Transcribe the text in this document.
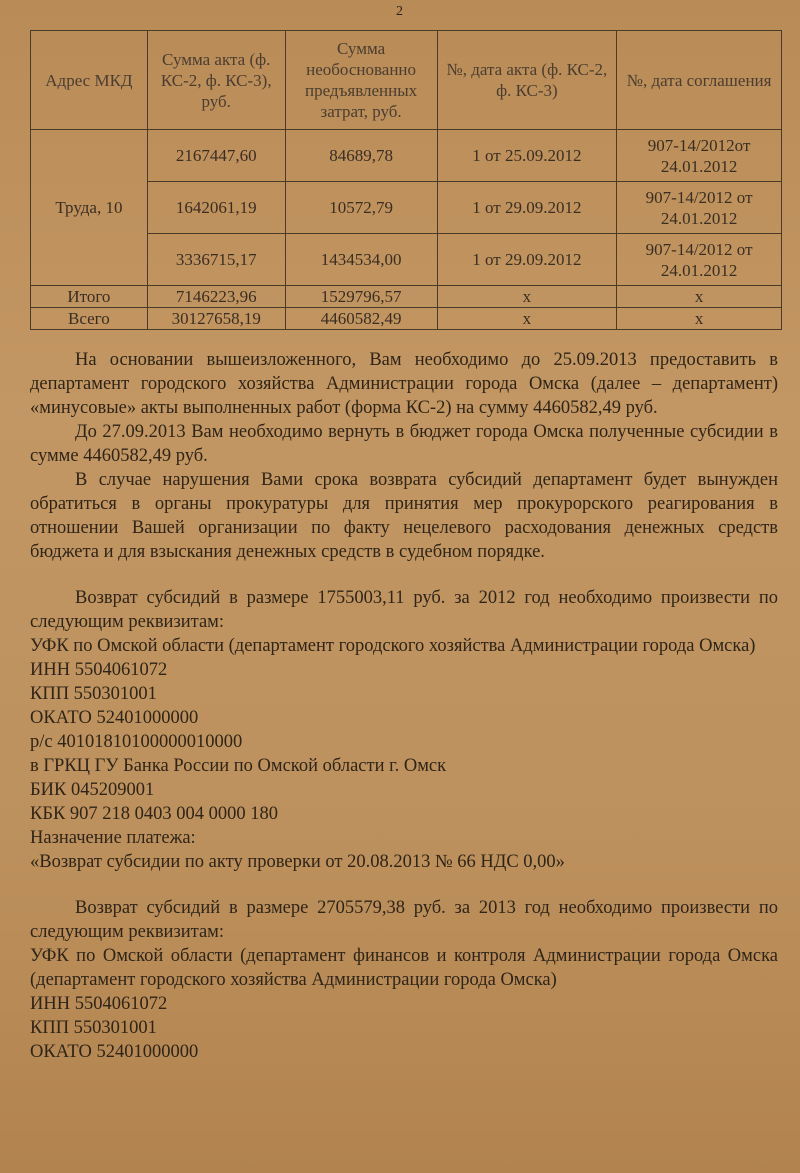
2
Адрес МКД	Сумма акта (ф. КС-2, ф. КС-3), руб.	Сумма необоснованно предъявленных затрат, руб.	№, дата акта (ф. КС-2, ф. КС-3)	№, дата соглашения
Труда, 10	2167447,60	84689,78	1 от 25.09.2012	907-14/2012от 24.01.2012
	1642061,19	10572,79	1 от 29.09.2012	907-14/2012 от 24.01.2012
	3336715,17	1434534,00	1 от 29.09.2012	907-14/2012 от 24.01.2012
Итого	7146223,96	1529796,57	х	х
Всего	30127658,19	4460582,49	х	х

На основании вышеизложенного, Вам необходимо до 25.09.2013 предоставить в департамент городского хозяйства Администрации города Омска (далее – департамент) «минусовые» акты выполненных работ (форма КС-2) на сумму 4460582,49 руб.

До 27.09.2013 Вам необходимо вернуть в бюджет города Омска полученные субсидии в сумме 4460582,49 руб.

В случае нарушения Вами срока возврата субсидий департамент будет вынужден обратиться в органы прокуратуры для принятия мер прокурорского реагирования в отношении Вашей организации по факту нецелевого расходования денежных средств бюджета и для взыскания денежных средств в судебном порядке.

Возврат субсидий в размере 1755003,11 руб. за 2012 год необходимо произвести по следующим реквизитам:

УФК по Омской области (департамент городского хозяйства Администрации города Омска)

ИНН 5504061072

КПП 550301001

ОКАТО 52401000000

р/с 40101810100000010000

в ГРКЦ ГУ Банка России по Омской области г. Омск

БИК 045209001

КБК 907 218 0403 004 0000 180

Назначение платежа:

«Возврат субсидии по акту проверки от 20.08.2013 № 66 НДС 0,00»

Возврат субсидий в размере 2705579,38 руб. за 2013 год необходимо произвести по следующим реквизитам:

УФК по Омской области (департамент финансов и контроля Администрации города Омска (департамент городского хозяйства Администрации города Омска)

ИНН 5504061072

КПП 550301001

ОКАТО 52401000000
